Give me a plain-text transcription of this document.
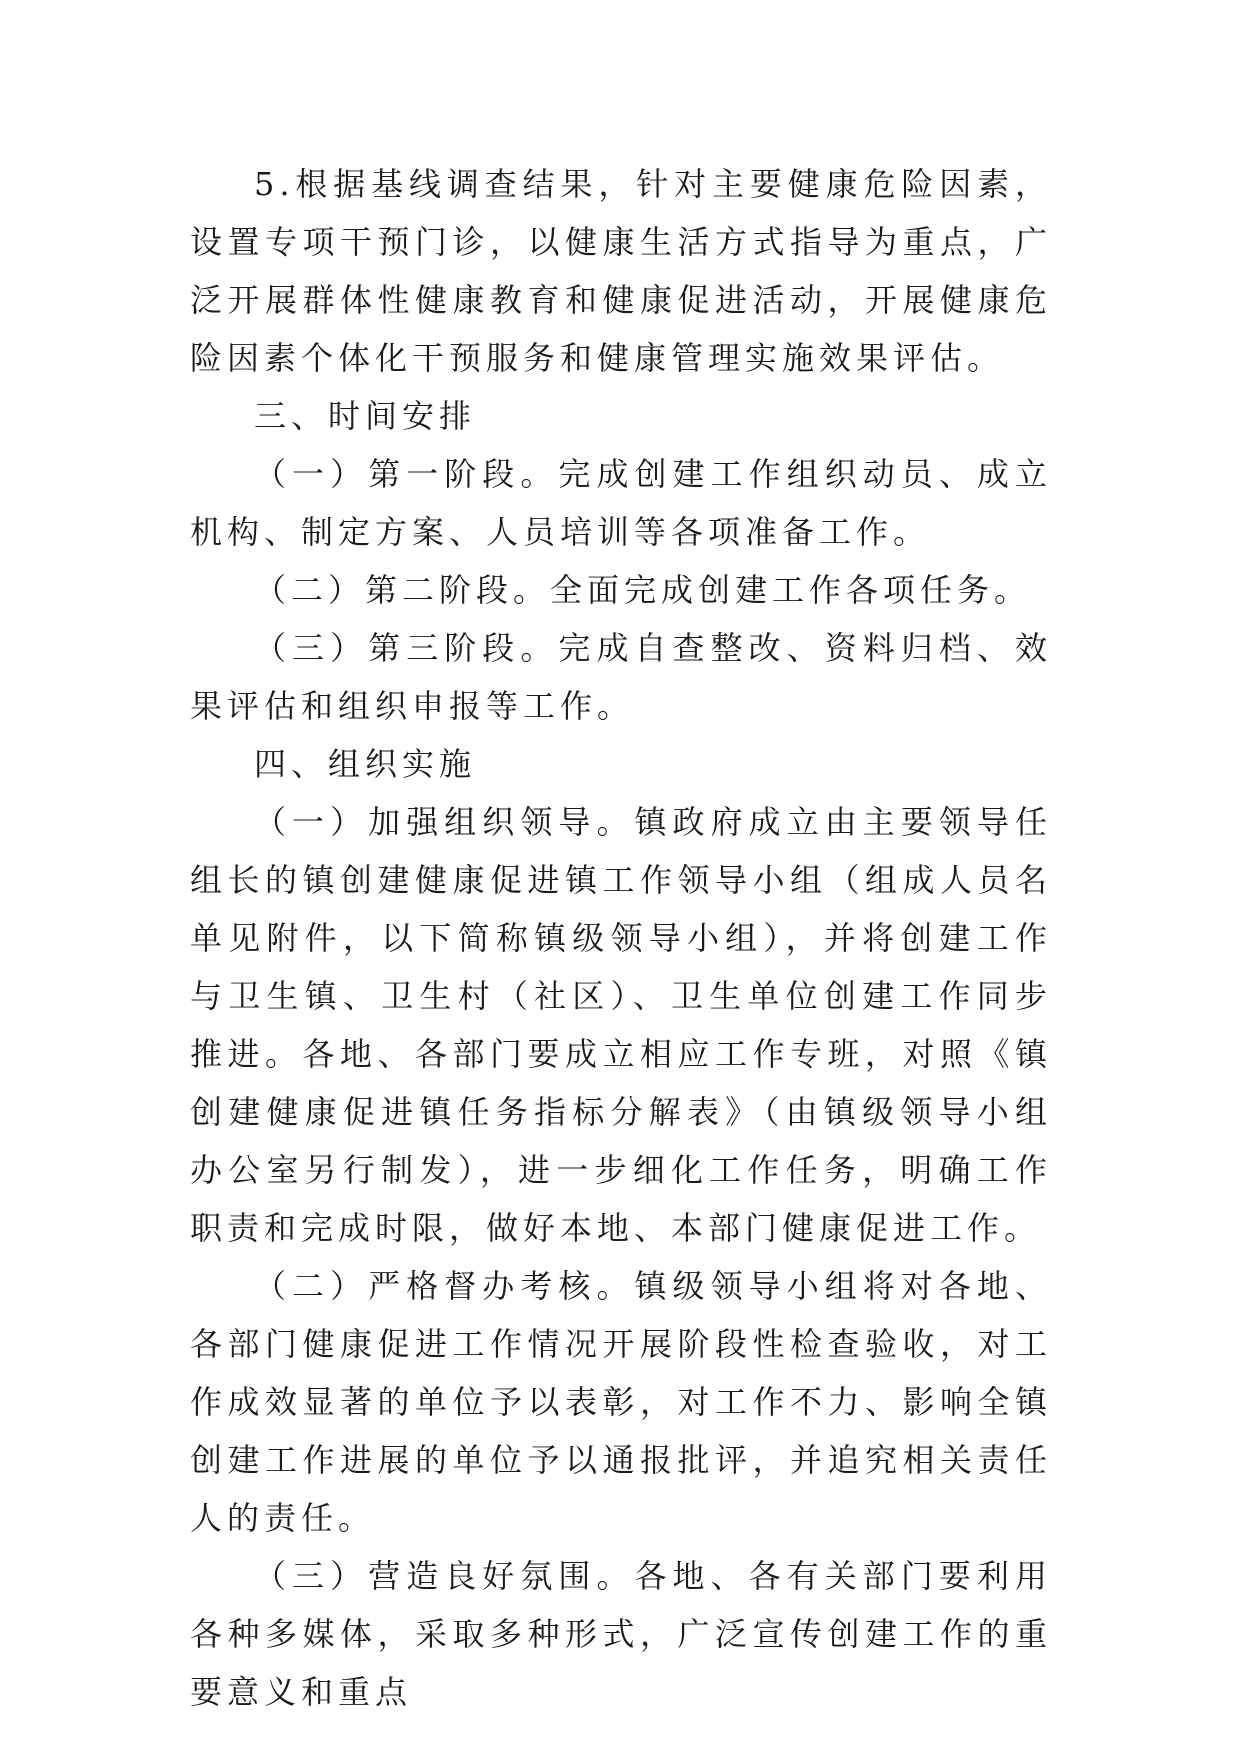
5.根据基线调查结果，针对主要健康危险因素，设置专项干预门诊，以健康生活方式指导为重点，广泛开展群体性健康教育和健康促进活动，开展健康危险因素个体化干预服务和健康管理实施效果评估。

三、时间安排

（一）第一阶段。完成创建工作组织动员、成立机构、制定方案、人员培训等各项准备工作。

（二）第二阶段。全面完成创建工作各项任务。

（三）第三阶段。完成自查整改、资料归档、效果评估和组织申报等工作。

四、组织实施

（一）加强组织领导。镇政府成立由主要领导任组长的镇创建健康促进镇工作领导小组（组成人员名单见附件，以下简称镇级领导小组），并将创建工作与卫生镇、卫生村（社区）、卫生单位创建工作同步推进。各地、各部门要成立相应工作专班，对照《镇创建健康促进镇任务指标分解表》（由镇级领导小组办公室另行制发），进一步细化工作任务，明确工作职责和完成时限，做好本地、本部门健康促进工作。

（二）严格督办考核。镇级领导小组将对各地、各部门健康促进工作情况开展阶段性检查验收，对工作成效显著的单位予以表彰，对工作不力、影响全镇创建工作进展的单位予以通报批评，并追究相关责任人的责任。

（三）营造良好氛围。各地、各有关部门要利用各种多媒体，采取多种形式，广泛宣传创建工作的重要意义和重点
